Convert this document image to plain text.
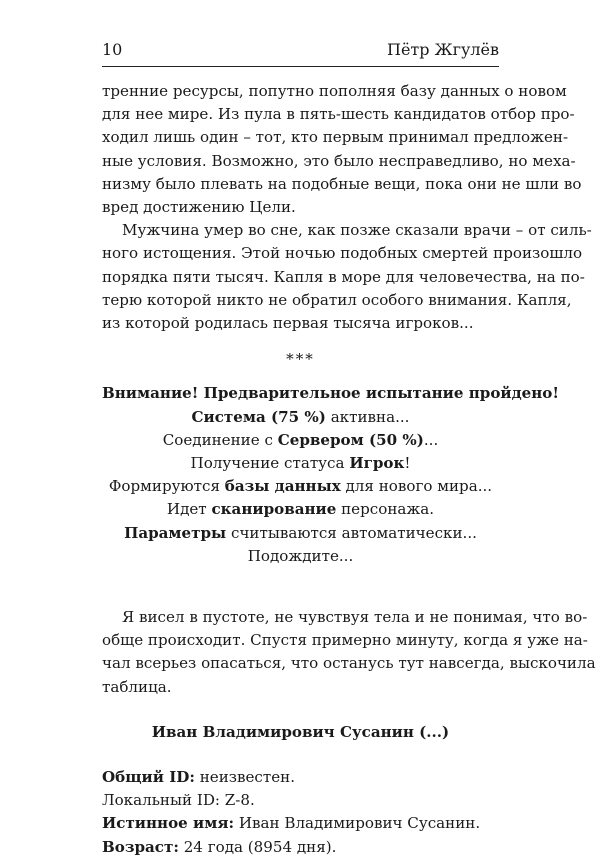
10	Пётр Жгулёв
тренние ресурсы, попутно пополняя базу данных о новом
для нее мире. Из пула в пять-шесть кандидатов отбор про-
ходил лишь один – тот, кто первым принимал предложен-
ные условия. Возможно, это было несправедливо, но меха-
низму было плевать на подобные вещи, пока они не шли во
вред достижению Цели.
Мужчина умер во сне, как позже сказали врачи – от силь-
ного истощения. Этой ночью подобных смертей произошло
порядка пяти тысяч. Капля в море для человечества, на по-
терю которой никто не обратил особого внимания. Капля,
из которой родилась первая тысяча игроков...
***
Внимание! Предварительное испытание пройдено!
Система (75 %) активна...
Соединение с Сервером (50 %)...
Получение статуса Игрок!
Формируются базы данных для нового мира...
Идет сканирование персонажа.
Параметры считываются автоматически...
Подождите...
Я висел в пустоте, не чувствуя тела и не понимая, что во-
обще происходит. Спустя примерно минуту, когда я уже на-
чал всерьез опасаться, что останусь тут навсегда, выскочила
таблица.
Иван Владимирович Сусанин (...)
Общий ID: неизвестен.
Локальный ID: Z-8.
Истинное имя: Иван Владимирович Сусанин.
Возраст: 24 года (8954 дня).
